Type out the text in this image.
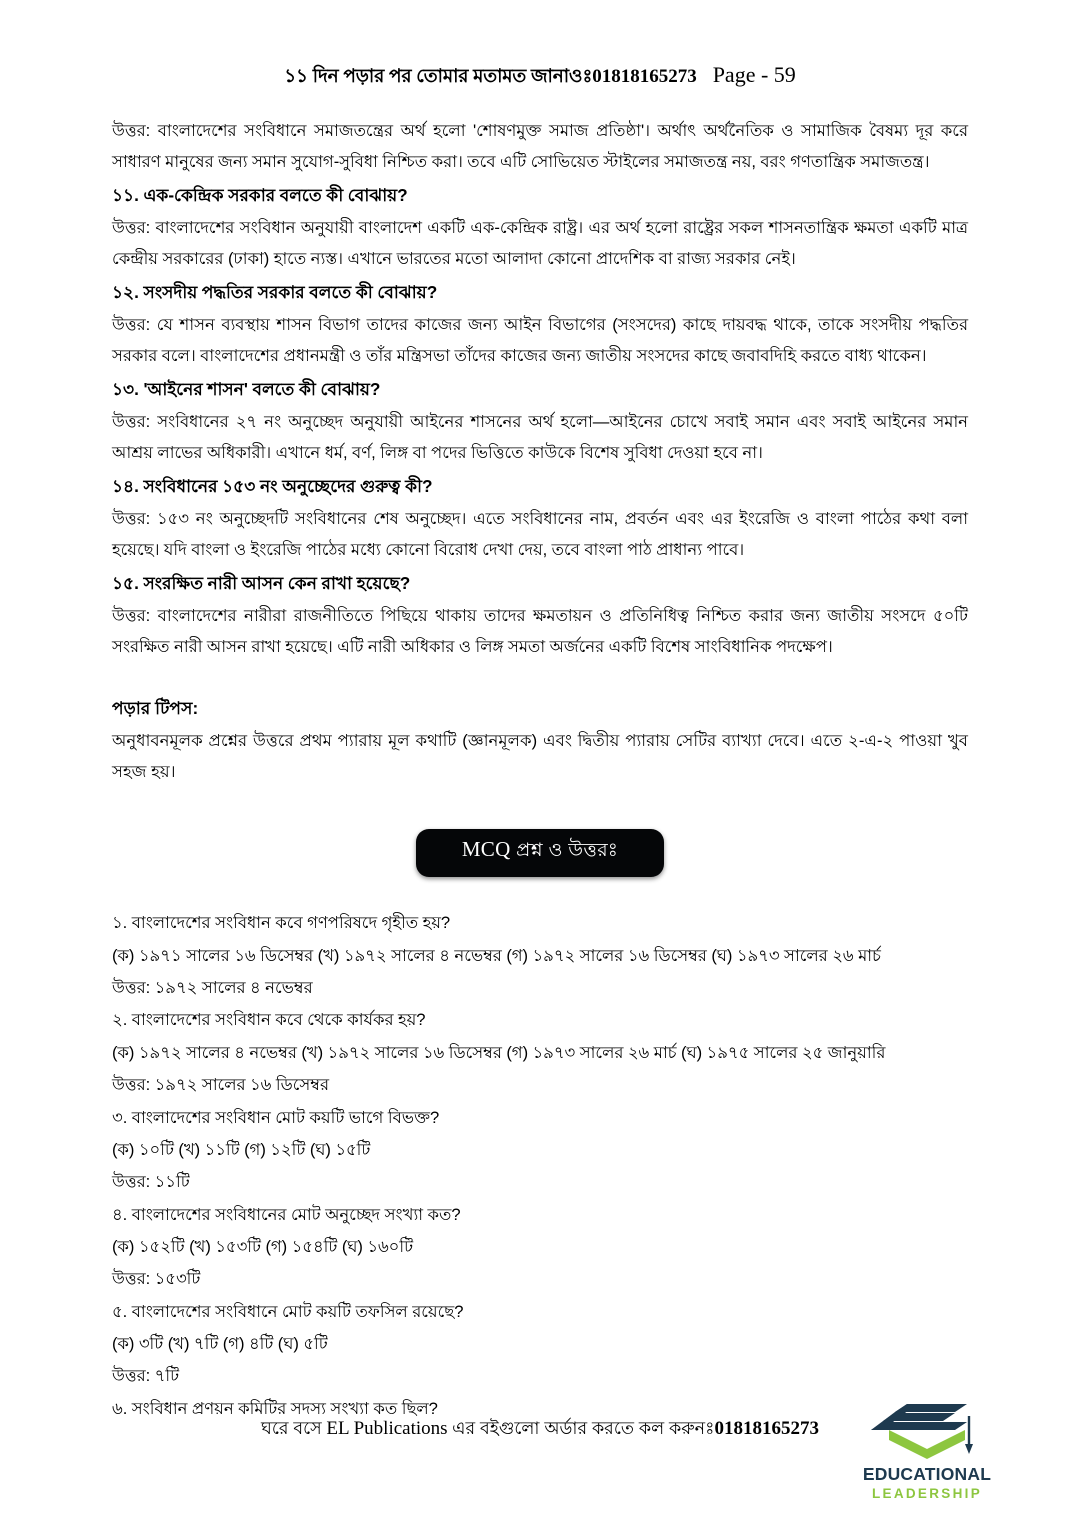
১১ দিন পড়ার পর তোমার মতামত জানাওঃ01818165273 Page - 59

উত্তর: বাংলাদেশের সংবিধানে সমাজতন্ত্রের অর্থ হলো 'শোষণমুক্ত সমাজ প্রতিষ্ঠা'। অর্থাৎ অর্থনৈতিক ও সামাজিক বৈষম্য দূর করে সাধারণ মানুষের জন্য সমান সুযোগ-সুবিধা নিশ্চিত করা। তবে এটি সোভিয়েত স্টাইলের সমাজতন্ত্র নয়, বরং গণতান্ত্রিক সমাজতন্ত্র।

১১. এক-কেন্দ্রিক সরকার বলতে কী বোঝায়?

উত্তর: বাংলাদেশের সংবিধান অনুযায়ী বাংলাদেশ একটি এক-কেন্দ্রিক রাষ্ট্র। এর অর্থ হলো রাষ্ট্রের সকল শাসনতান্ত্রিক ক্ষমতা একটি মাত্র কেন্দ্রীয় সরকারের (ঢাকা) হাতে ন্যস্ত। এখানে ভারতের মতো আলাদা কোনো প্রাদেশিক বা রাজ্য সরকার নেই।

১২. সংসদীয় পদ্ধতির সরকার বলতে কী বোঝায়?

উত্তর: যে শাসন ব্যবস্থায় শাসন বিভাগ তাদের কাজের জন্য আইন বিভাগের (সংসদের) কাছে দায়বদ্ধ থাকে, তাকে সংসদীয় পদ্ধতির সরকার বলে। বাংলাদেশের প্রধানমন্ত্রী ও তাঁর মন্ত্রিসভা তাঁদের কাজের জন্য জাতীয় সংসদের কাছে জবাবদিহি করতে বাধ্য থাকেন।

১৩. 'আইনের শাসন' বলতে কী বোঝায়?

উত্তর: সংবিধানের ২৭ নং অনুচ্ছেদ অনুযায়ী আইনের শাসনের অর্থ হলো—আইনের চোখে সবাই সমান এবং সবাই আইনের সমান আশ্রয় লাভের অধিকারী। এখানে ধর্ম, বর্ণ, লিঙ্গ বা পদের ভিত্তিতে কাউকে বিশেষ সুবিধা দেওয়া হবে না।

১৪. সংবিধানের ১৫৩ নং অনুচ্ছেদের গুরুত্ব কী?

উত্তর: ১৫৩ নং অনুচ্ছেদটি সংবিধানের শেষ অনুচ্ছেদ। এতে সংবিধানের নাম, প্রবর্তন এবং এর ইংরেজি ও বাংলা পাঠের কথা বলা হয়েছে। যদি বাংলা ও ইংরেজি পাঠের মধ্যে কোনো বিরোধ দেখা দেয়, তবে বাংলা পাঠ প্রাধান্য পাবে।

১৫. সংরক্ষিত নারী আসন কেন রাখা হয়েছে?

উত্তর: বাংলাদেশের নারীরা রাজনীতিতে পিছিয়ে থাকায় তাদের ক্ষমতায়ন ও প্রতিনিধিত্ব নিশ্চিত করার জন্য জাতীয় সংসদে ৫০টি সংরক্ষিত নারী আসন রাখা হয়েছে। এটি নারী অধিকার ও লিঙ্গ সমতা অর্জনের একটি বিশেষ সাংবিধানিক পদক্ষেপ।

পড়ার টিপস:

অনুধাবনমূলক প্রশ্নের উত্তরে প্রথম প্যারায় মূল কথাটি (জ্ঞানমূলক) এবং দ্বিতীয় প্যারায় সেটির ব্যাখ্যা দেবে। এতে ২-এ-২ পাওয়া খুব সহজ হয়।

MCQ প্রশ্ন ও উত্তরঃ

১. বাংলাদেশের সংবিধান কবে গণপরিষদে গৃহীত হয়?

(ক) ১৯৭১ সালের ১৬ ডিসেম্বর (খ) ১৯৭২ সালের ৪ নভেম্বর (গ) ১৯৭২ সালের ১৬ ডিসেম্বর (ঘ) ১৯৭৩ সালের ২৬ মার্চ

উত্তর: ১৯৭২ সালের ৪ নভেম্বর

২. বাংলাদেশের সংবিধান কবে থেকে কার্যকর হয়?

(ক) ১৯৭২ সালের ৪ নভেম্বর (খ) ১৯৭২ সালের ১৬ ডিসেম্বর (গ) ১৯৭৩ সালের ২৬ মার্চ (ঘ) ১৯৭৫ সালের ২৫ জানুয়ারি

উত্তর: ১৯৭২ সালের ১৬ ডিসেম্বর

৩. বাংলাদেশের সংবিধান মোট কয়টি ভাগে বিভক্ত?

(ক) ১০টি (খ) ১১টি (গ) ১২টি (ঘ) ১৫টি

উত্তর: ১১টি

৪. বাংলাদেশের সংবিধানের মোট অনুচ্ছেদ সংখ্যা কত?

(ক) ১৫২টি (খ) ১৫৩টি (গ) ১৫৪টি (ঘ) ১৬০টি

উত্তর: ১৫৩টি

৫. বাংলাদেশের সংবিধানে মোট কয়টি তফসিল রয়েছে?

(ক) ৩টি (খ) ৭টি (গ) ৪টি (ঘ) ৫টি

উত্তর: ৭টি

৬. সংবিধান প্রণয়ন কমিটির সদস্য সংখ্যা কত ছিল?

ঘরে বসে EL Publications এর বইগুলো অর্ডার করতে কল করুনঃ01818165273
EDUCATIONAL
LEADERSHIP
